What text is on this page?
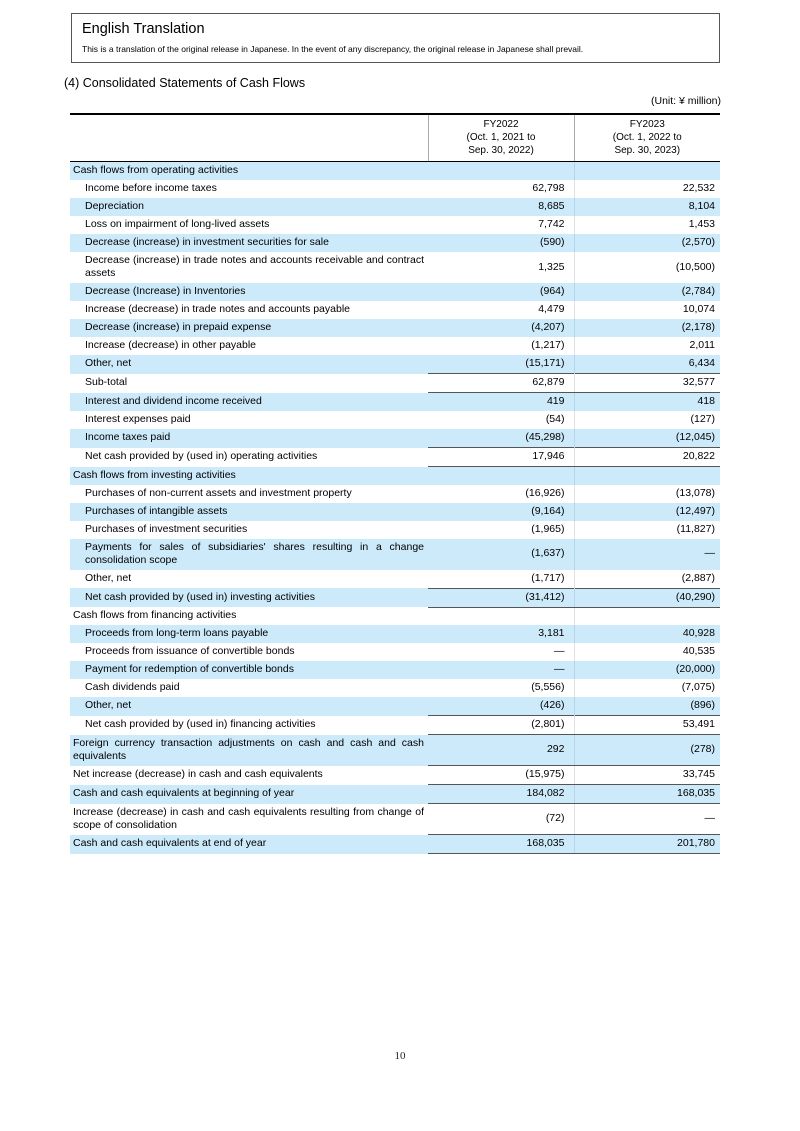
English Translation
This is a translation of the original release in Japanese. In the event of any discrepancy, the original release in Japanese shall prevail.
(4) Consolidated Statements of Cash Flows
(Unit: ¥ million)

	FY2022
(Oct. 1, 2021 to
Sep. 30, 2022)	FY2023
(Oct. 1, 2022 to
Sep. 30, 2023)

Cash flows from operating activities		

Income before income taxes	62,798	22,532

Depreciation	8,685	8,104

Loss on impairment of long-lived assets	7,742	1,453

Decrease (increase) in investment securities for sale	(590)	(2,570)

Decrease (increase) in trade notes and accounts receivable and contract assets	1,325	(10,500)

Decrease (Increase) in Inventories	(964)	(2,784)

Increase (decrease) in trade notes and accounts payable	4,479	10,074

Decrease (increase) in prepaid expense	(4,207)	(2,178)

Increase (decrease) in other payable	(1,217)	2,011

Other, net	(15,171)	6,434

Sub-total	62,879	32,577

Interest and dividend income received	419	418

Interest expenses paid	(54)	(127)

Income taxes paid	(45,298)	(12,045)

Net cash provided by (used in) operating activities	17,946	20,822

Cash flows from investing activities		

Purchases of non-current assets and investment property	(16,926)	(13,078)

Purchases of intangible assets	(9,164)	(12,497)

Purchases of investment securities	(1,965)	(11,827)

Payments for sales of subsidiaries' shares resulting in a change consolidation scope	(1,637)	—

Other, net	(1,717)	(2,887)

Net cash provided by (used in) investing activities	(31,412)	(40,290)

Cash flows from financing activities		

Proceeds from long-term loans payable	3,181	40,928

Proceeds from issuance of convertible bonds	—	40,535

Payment for redemption of convertible bonds	—	(20,000)

Cash dividends paid	(5,556)	(7,075)

Other, net	(426)	(896)

Net cash provided by (used in) financing activities	(2,801)	53,491

Foreign currency transaction adjustments on cash and cash and cash equivalents	292	(278)

Net increase (decrease) in cash and cash equivalents	(15,975)	33,745

Cash and cash equivalents at beginning of year	184,082	168,035

Increase (decrease) in cash and cash equivalents resulting from change of scope of consolidation	(72)	—

Cash and cash equivalents at end of year	168,035	201,780
10
